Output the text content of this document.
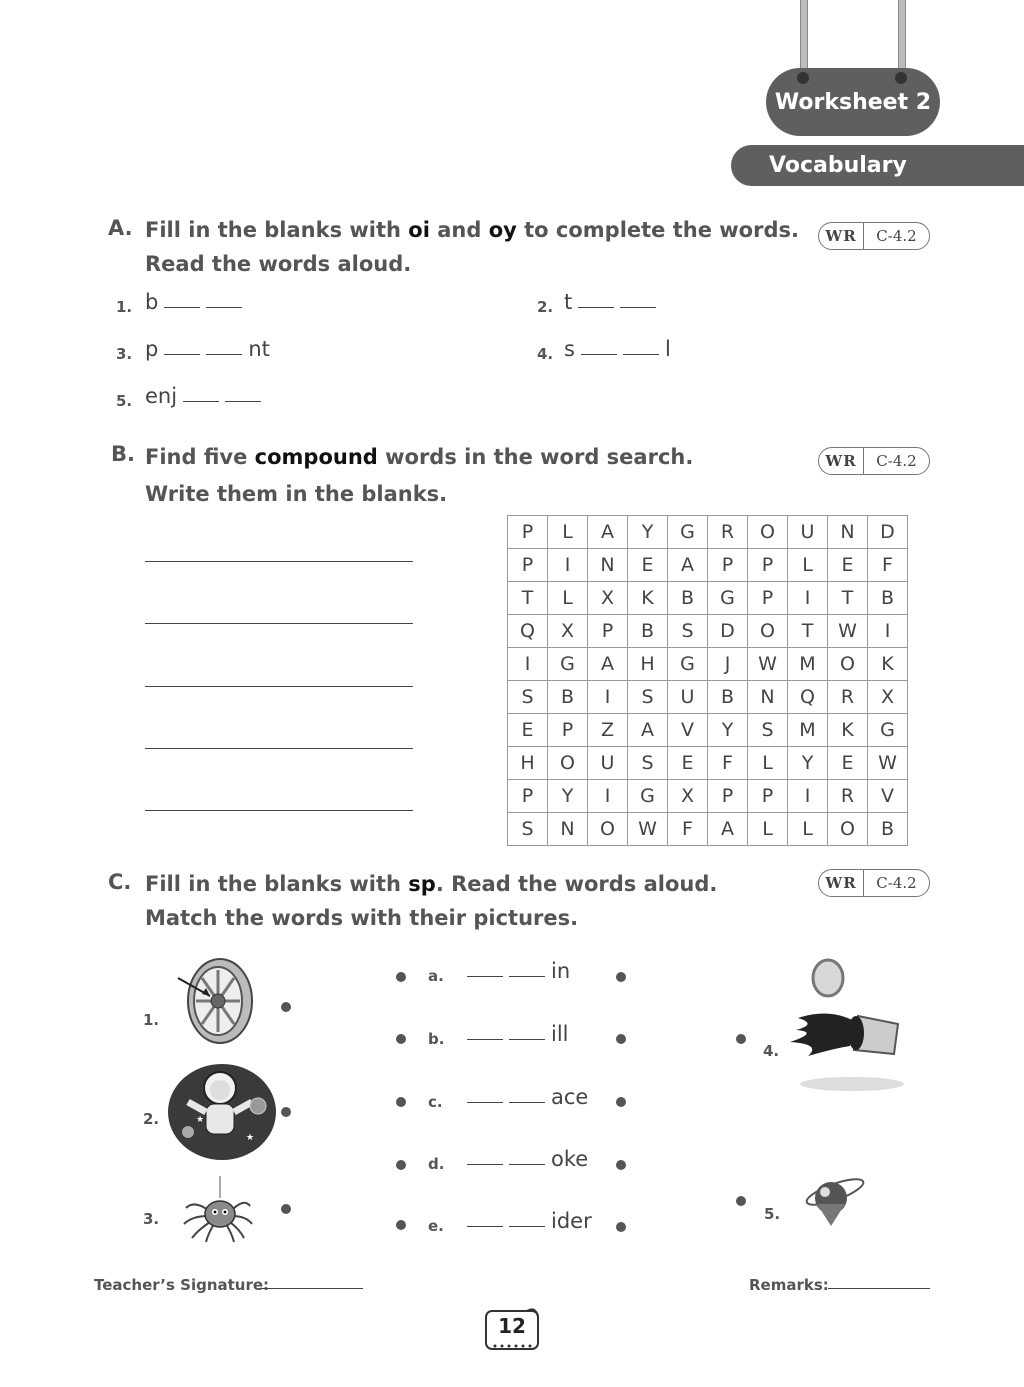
Worksheet 2
Vocabulary
A. Fill in the blanks with oi and oy to complete the words.
Read the words aloud.
WR	C-4.2
1. b	2. t
3. p	nt	4. s	l
5. enj
B. Find five compound words in the word search.
Write them in the blanks.
WR	C-4.2
P	L	A	Y	G	R	O	U	N	D
P	I	N	E	A	P	P	L	E	F
T	L	X	K	B	G	P	I	T	B
Q	X	P	B	S	D	O	T	W	I
I	G	A	H	G	J	W	M	O	K
S	B	I	S	U	B	N	Q	R	X
E	P	Z	A	V	Y	S	M	K	G
H	O	U	S	E	F	L	Y	E	W
P	Y	I	G	X	P	P	I	R	V
S	N	O	W	F	A	L	L	O	B
C. Fill in the blanks with sp. Read the words aloud.
Match the words with their pictures.
WR	C-4.2
1.
2.	★
★
3.
a.	in
b.	ill
c.	ace
d.	oke
e.	ider
4.
5.
Teacher’s Signature:	Remarks:
12
